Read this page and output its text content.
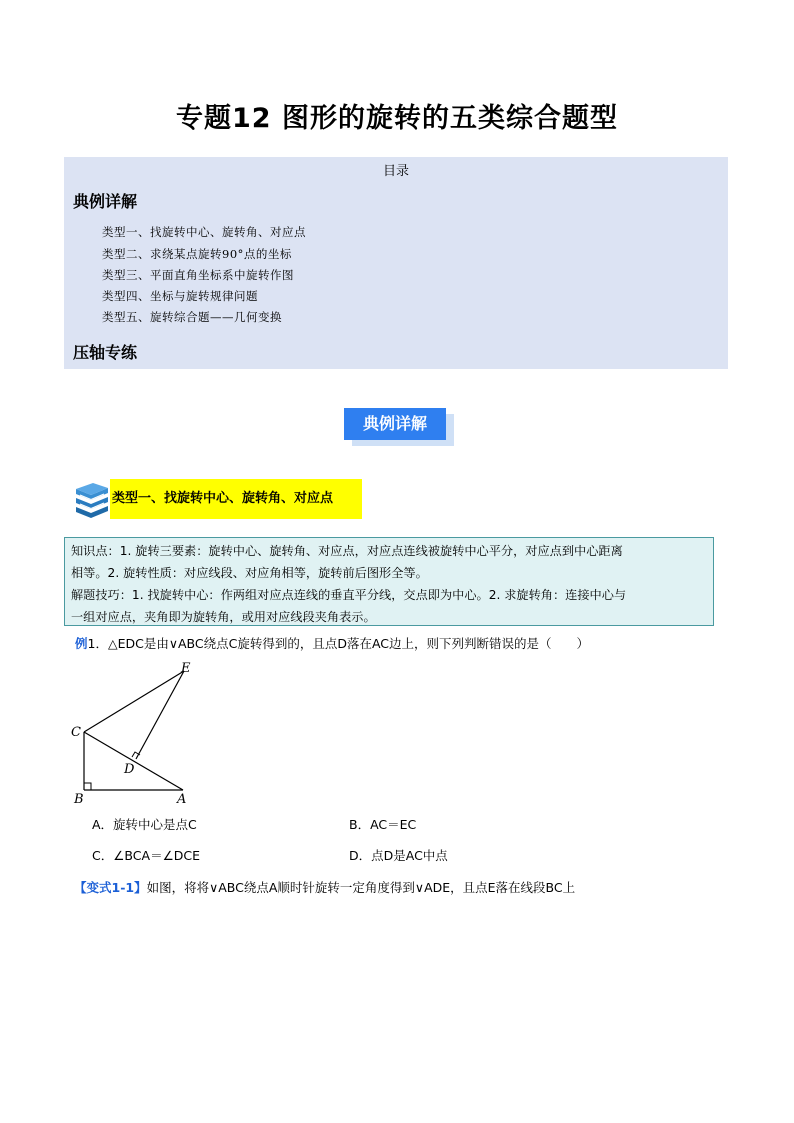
专题12 图形的旋转的五类综合题型
目录
典例详解
类型一、找旋转中心、旋转角、对应点
类型二、求绕某点旋转90°点的坐标
类型三、平面直角坐标系中旋转作图
类型四、坐标与旋转规律问题
类型五、旋转综合题——几何变换
压轴专练
典例详解
类型一、找旋转中心、旋转角、对应点
知识点：1. 旋转三要素：旋转中心、旋转角、对应点，对应点连线被旋转中心平分，对应点到中心距离
相等。2. 旋转性质：对应线段、对应角相等，旋转前后图形全等。
解题技巧：1. 找旋转中心：作两组对应点连线的垂直平分线，交点即为中心。2. 求旋转角：连接中心与
一组对应点，夹角即为旋转角，或用对应线段夹角表示。
例1．△EDC是由∨ABC绕点C旋转得到的，且点D落在AC边上，则下列判断错误的是（　　）
E
C
D
B	A
A．旋转中心是点C	B．AC＝EC
C．∠BCA＝∠DCE	D．点D是AC中点
【变式1-1】如图，将将∨ABC绕点A顺时针旋转一定角度得到∨ADE，且点E落在线段BC上
